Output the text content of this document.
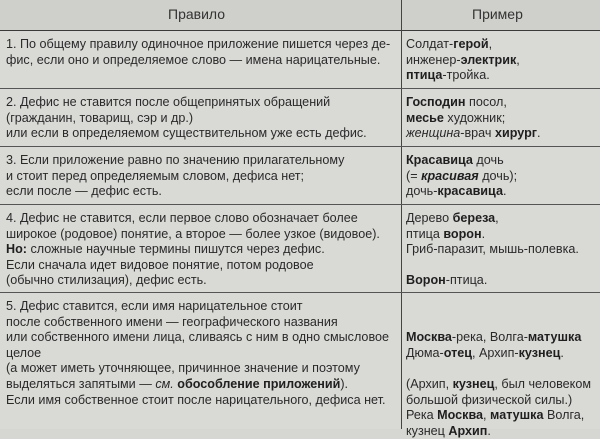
Правило	Пример
1. По общему правилу одиночное приложение пишется через де-
фис, если оно и определяемое слово — имена нарицательные.
Солдат-герой,
инженер-электрик,
птица-тройка.
2. Дефис не ставится после общепринятых обращений
(гражданин, товарищ, сэр и др.)
или если в определяемом существительном уже есть дефис.
Господин посол,
месье художник;
женщина-врач хирург.
3. Если приложение равно по значению прилагательному
и стоит перед определяемым словом, дефиса нет;
если после — дефис есть.
Красавица дочь
(= красивая дочь);
дочь-красавица.
4. Дефис не ставится, если первое слово обозначает более
широкое (родовое) понятие, а второе — более узкое (видовое).
Но: сложные научные термины пишутся через дефис.
Если сначала идет видовое понятие, потом родовое
(обычно стилизация), дефис есть.
Дерево береза,
птица ворон.
Гриб-паразит, мышь-полевка.
Ворон-птица.
5. Дефис ставится, если имя нарицательное стоит
после собственного имени — географического названия
или собственного имени лица, сливаясь с ним в одно смысловое
целое
(а может иметь уточняющее, причинное значение и поэтому
выделяться запятыми — см. обособление приложений).
Если имя собственное стоит после нарицательного, дефиса нет.
Москва-река, Волга-матушка
Дюма-отец, Архип-кузнец.
(Архип, кузнец, был человеком
большой физической силы.)
Река Москва, матушка Волга,
кузнец Архип.
